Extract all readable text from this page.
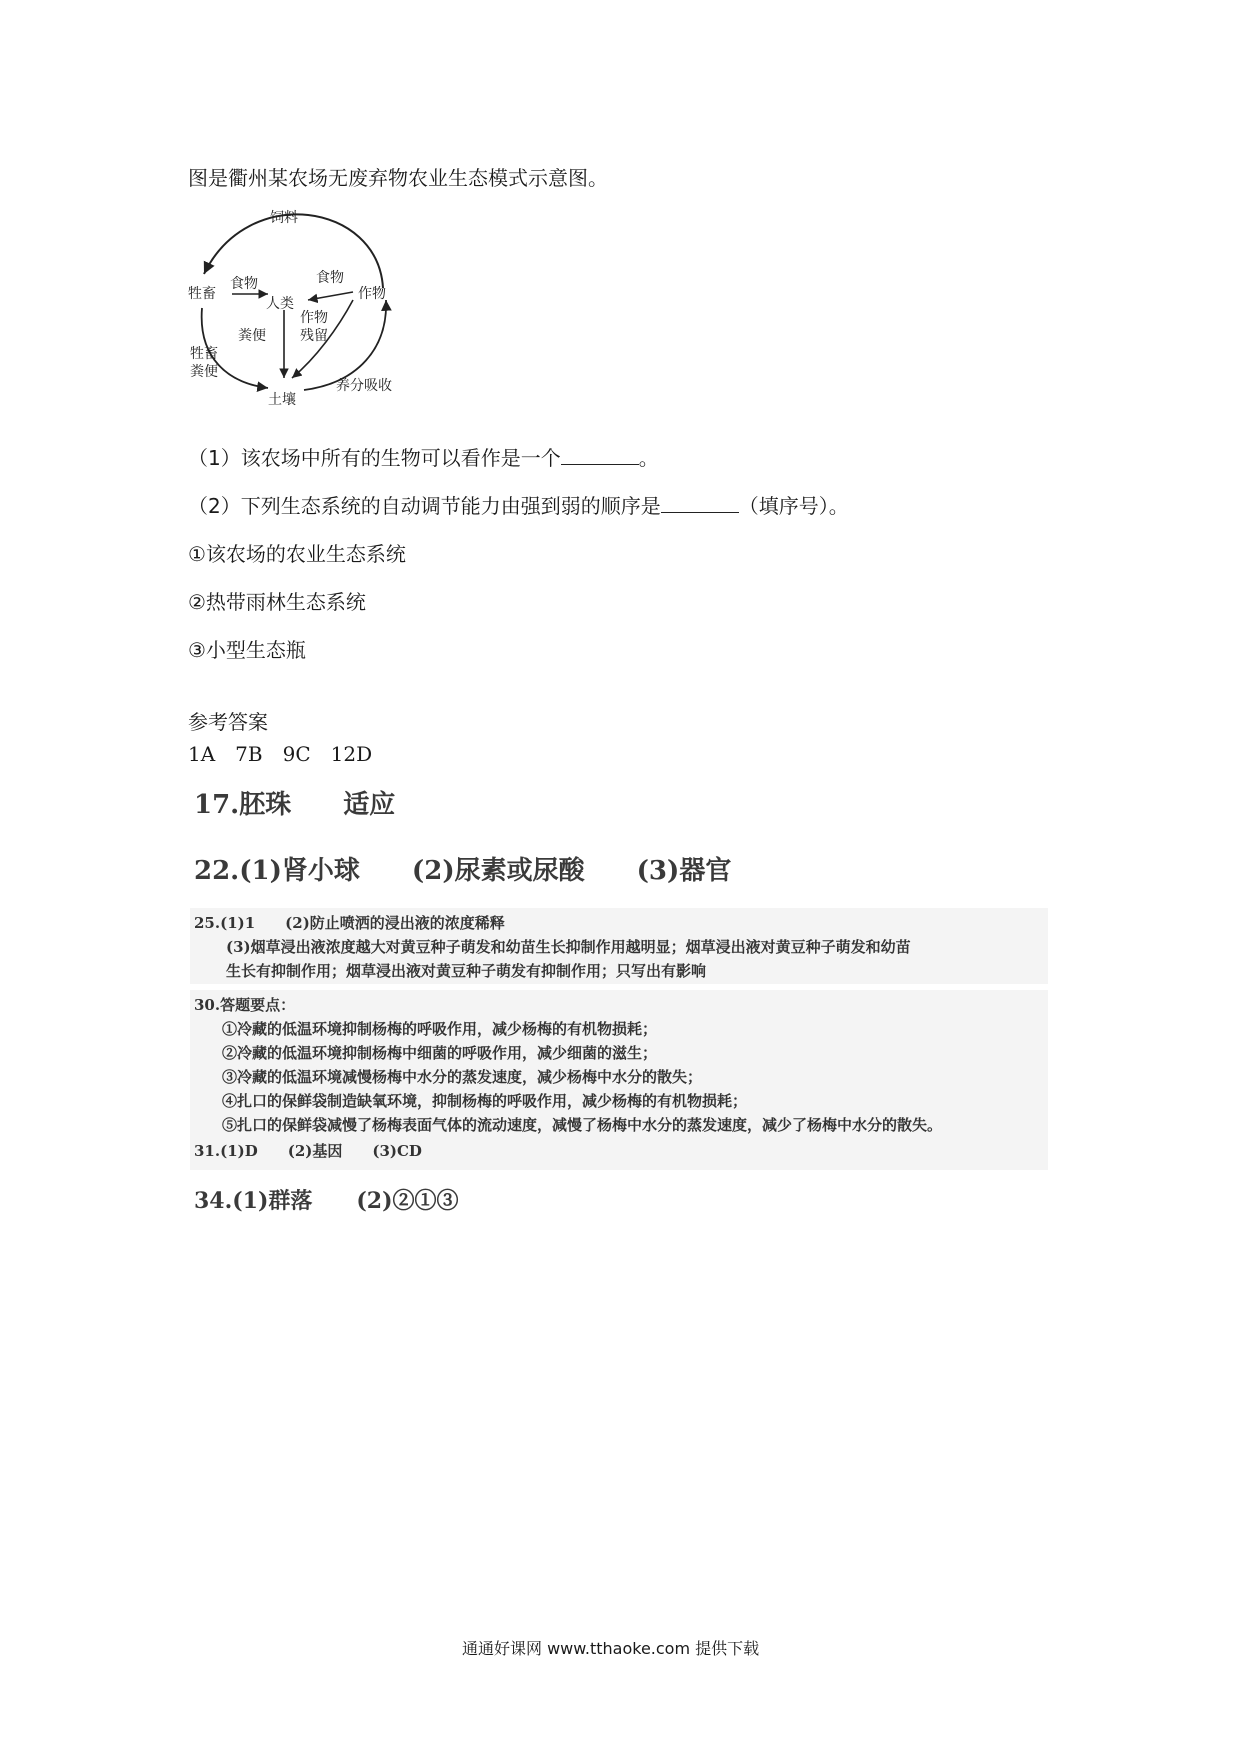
图是衢州某农场无废弃物农业生态模式示意图。
饲料
牲畜
食物	食物
人类
作物
作物
残留
粪便
牲畜
粪便
土壤
养分吸收
（1）该农场中所有的生物可以看作是一个	。
（2）下列生态系统的自动调节能力由强到弱的顺序是	（填序号）。
①该农场的农业生态系统
②热带雨林生态系统
③小型生态瓶
参考答案
1A　7B　9C　12D
17.胚珠　　适应
22.(1)肾小球　　(2)尿素或尿酸　　(3)器官
25.(1)1　　(2)防止喷洒的浸出液的浓度稀释
(3)烟草浸出液浓度越大对黄豆种子萌发和幼苗生长抑制作用越明显；烟草浸出液对黄豆种子萌发和幼苗
生长有抑制作用；烟草浸出液对黄豆种子萌发有抑制作用；只写出有影响
30.答题要点：
①冷藏的低温环境抑制杨梅的呼吸作用，减少杨梅的有机物损耗；
②冷藏的低温环境抑制杨梅中细菌的呼吸作用，减少细菌的滋生；
③冷藏的低温环境减慢杨梅中水分的蒸发速度，减少杨梅中水分的散失；
④扎口的保鲜袋制造缺氧环境，抑制杨梅的呼吸作用，减少杨梅的有机物损耗；
⑤扎口的保鲜袋减慢了杨梅表面气体的流动速度，减慢了杨梅中水分的蒸发速度，减少了杨梅中水分的散失。
31.(1)D　　(2)基因　　(3)CD
34.(1)群落　　(2)②①③
通通好课网 www.tthaoke.com 提供下载
